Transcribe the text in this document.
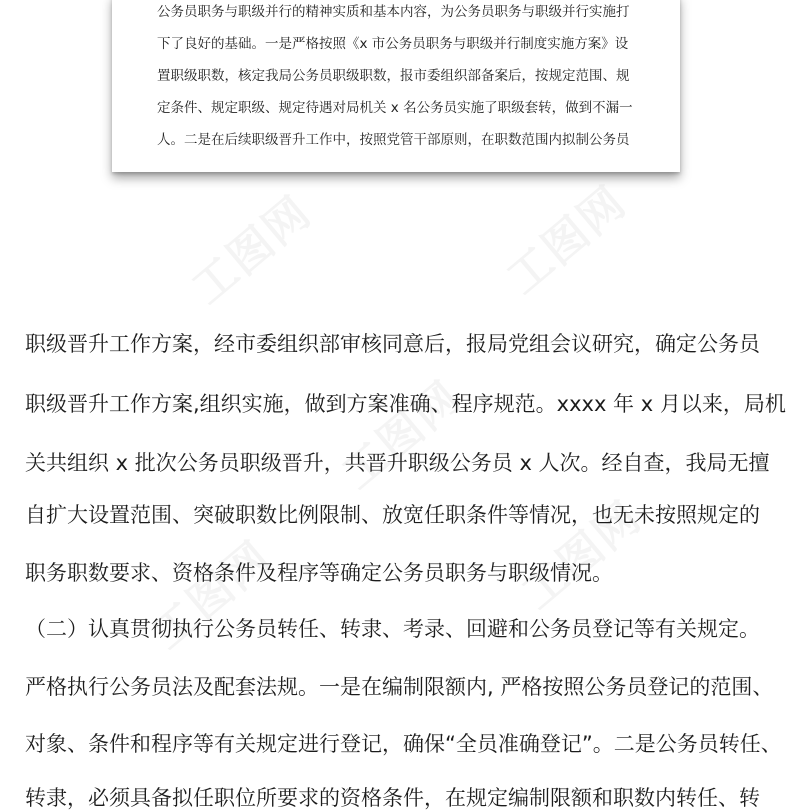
工图网	工图网
工图网
工图网	工图网
公务员职务与职级并行的精神实质和基本内容，为公务员职务与职级并行实施打
下了良好的基础。一是严格按照《x 市公务员职务与职级并行制度实施方案》设
置职级职数，核定我局公务员职级职数，报市委组织部备案后，按规定范围、规
定条件、规定职级、规定待遇对局机关 x 名公务员实施了职级套转，做到不漏一
人。二是在后续职级晋升工作中，按照党管干部原则，在职数范围内拟制公务员
职级晋升工作方案，经市委组织部审核同意后，报局党组会议研究，确定公务员
职级晋升工作方案,组织实施，做到方案准确、程序规范。xxxx 年 x 月以来，局机
关共组织 x 批次公务员职级晋升，共晋升职级公务员 x 人次。经自查，我局无擅
自扩大设置范围、突破职数比例限制、放宽任职条件等情况，也无未按照规定的
职务职数要求、资格条件及程序等确定公务员职务与职级情况。
（二）认真贯彻执行公务员转任、转隶、考录、回避和公务员登记等有关规定。
严格执行公务员法及配套法规。一是在编制限额内, 严格按照公务员登记的范围、
对象、条件和程序等有关规定进行登记，确保“全员准确登记”。二是公务员转任、
转隶，必须具备拟任职位所要求的资格条件，在规定编制限额和职数内转任、转
